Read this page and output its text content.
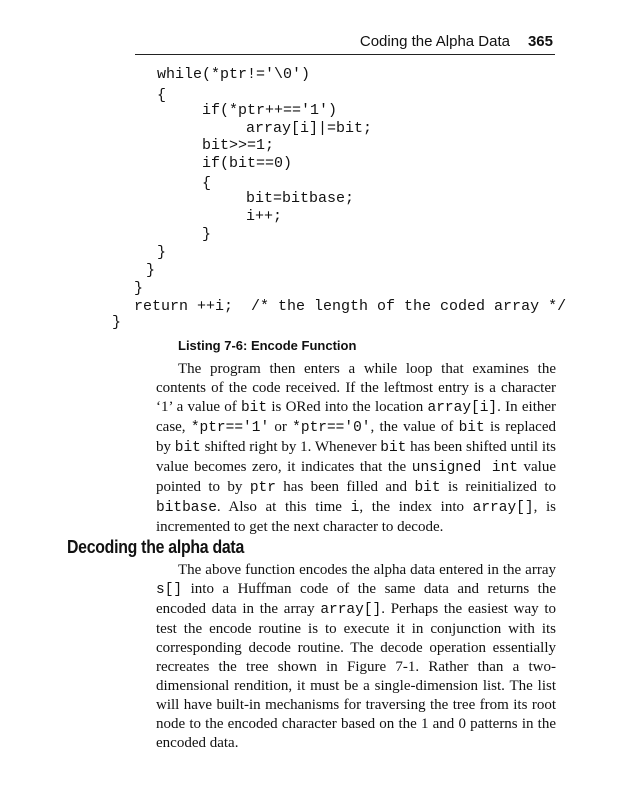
Coding the Alpha Data 365
while(*ptr!='\0')
{
if(*ptr++=='1')
array[i]|=bit;
bit>>=1;
if(bit==0)
{
bit=bitbase;
i++;
}
}
}
}
return ++i;  /* the length of the coded array */
}
Listing 7-6: Encode Function

The program then enters a while loop that examines the contents of the code received. If the leftmost entry is a character ‘1’ a value of bit is ORed into the location array[i]. In either case, *ptr=='1' or *ptr=='0', the value of bit is replaced by bit shifted right by 1. Whenever bit has been shifted until its value becomes zero, it indicates that the unsigned int value pointed to by ptr has been filled and bit is reinitialized to bitbase. Also at this time i, the index into array[], is incremented to get the next character to decode.

Decoding the alpha data

The above function encodes the alpha data entered in the array s[] into a Huffman code of the same data and returns the encoded data in the array array[]. Perhaps the easiest way to test the encode routine is to execute it in conjunction with its corresponding decode routine. The decode operation essentially recreates the tree shown in Figure 7-1. Rather than a two-dimensional rendition, it must be a single-dimension list. The list will have built-in mechanisms for traversing the tree from its root node to the encoded character based on the 1 and 0 patterns in the encoded data.
